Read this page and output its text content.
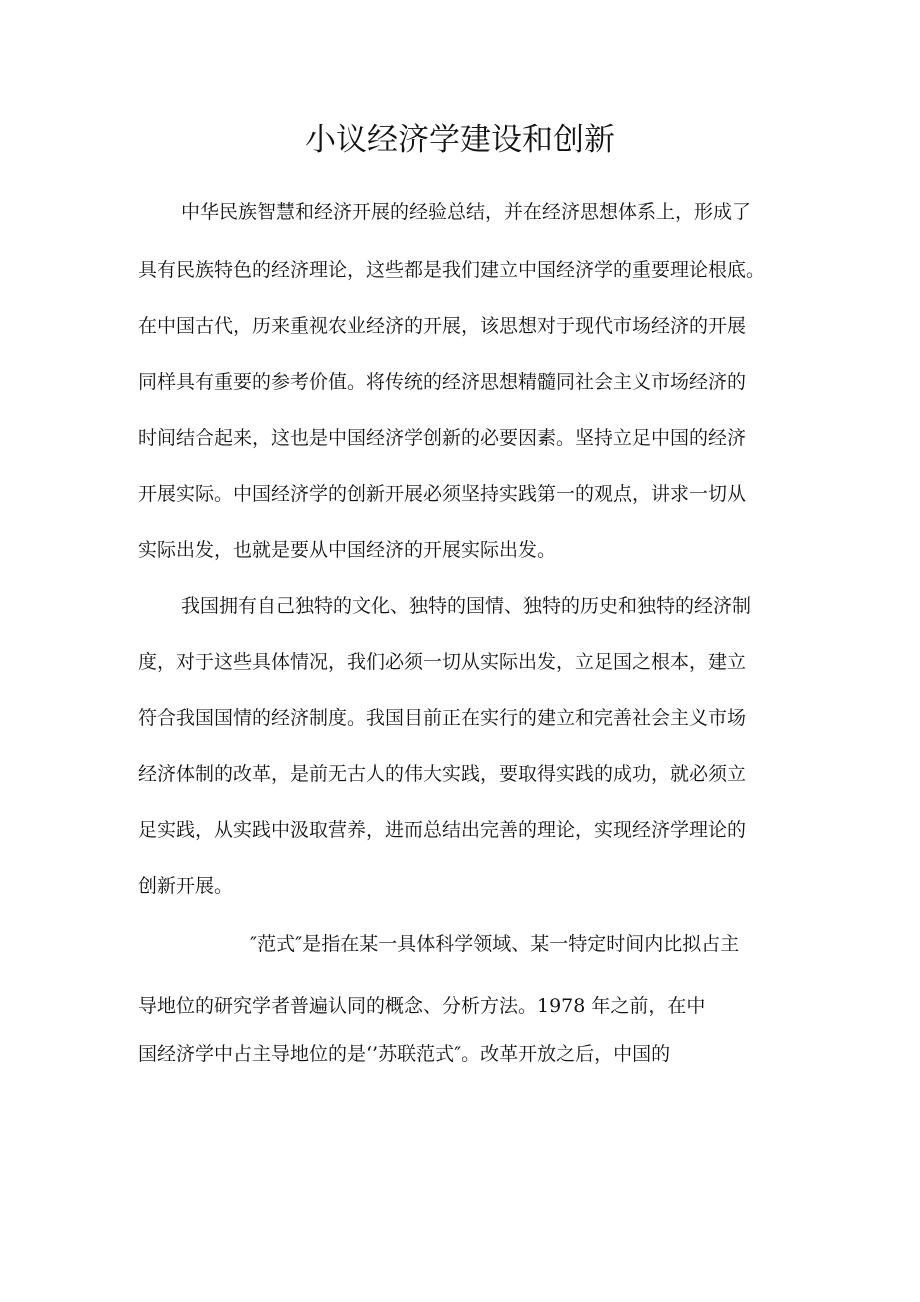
小议经济学建设和创新

中华民族智慧和经济开展的经验总结，并在经济思想体系上，形成了

具有民族特色的经济理论，这些都是我们建立中国经济学的重要理论根底。

在中国古代，历来重视农业经济的开展，该思想对于现代市场经济的开展

同样具有重要的参考价值。将传统的经济思想精髓同社会主义市场经济的

时间结合起来，这也是中国经济学创新的必要因素。坚持立足中国的经济

开展实际。中国经济学的创新开展必须坚持实践第一的观点，讲求一切从

实际出发，也就是要从中国经济的开展实际出发。

我国拥有自己独特的文化、独特的国情、独特的历史和独特的经济制

度，对于这些具体情况，我们必须一切从实际出发，立足国之根本，建立

符合我国国情的经济制度。我国目前正在实行的建立和完善社会主义市场

经济体制的改革，是前无古人的伟大实践，要取得实践的成功，就必须立

足实践，从实践中汲取营养，进而总结出完善的理论，实现经济学理论的

创新开展。

″范式″是指在某一具体科学领域、某一特定时间内比拟占主

导地位的研究学者普遍认同的概念、分析方法。1978 年之前，在中

国经济学中占主导地位的是‘’苏联范式″。改革开放之后，中国的
